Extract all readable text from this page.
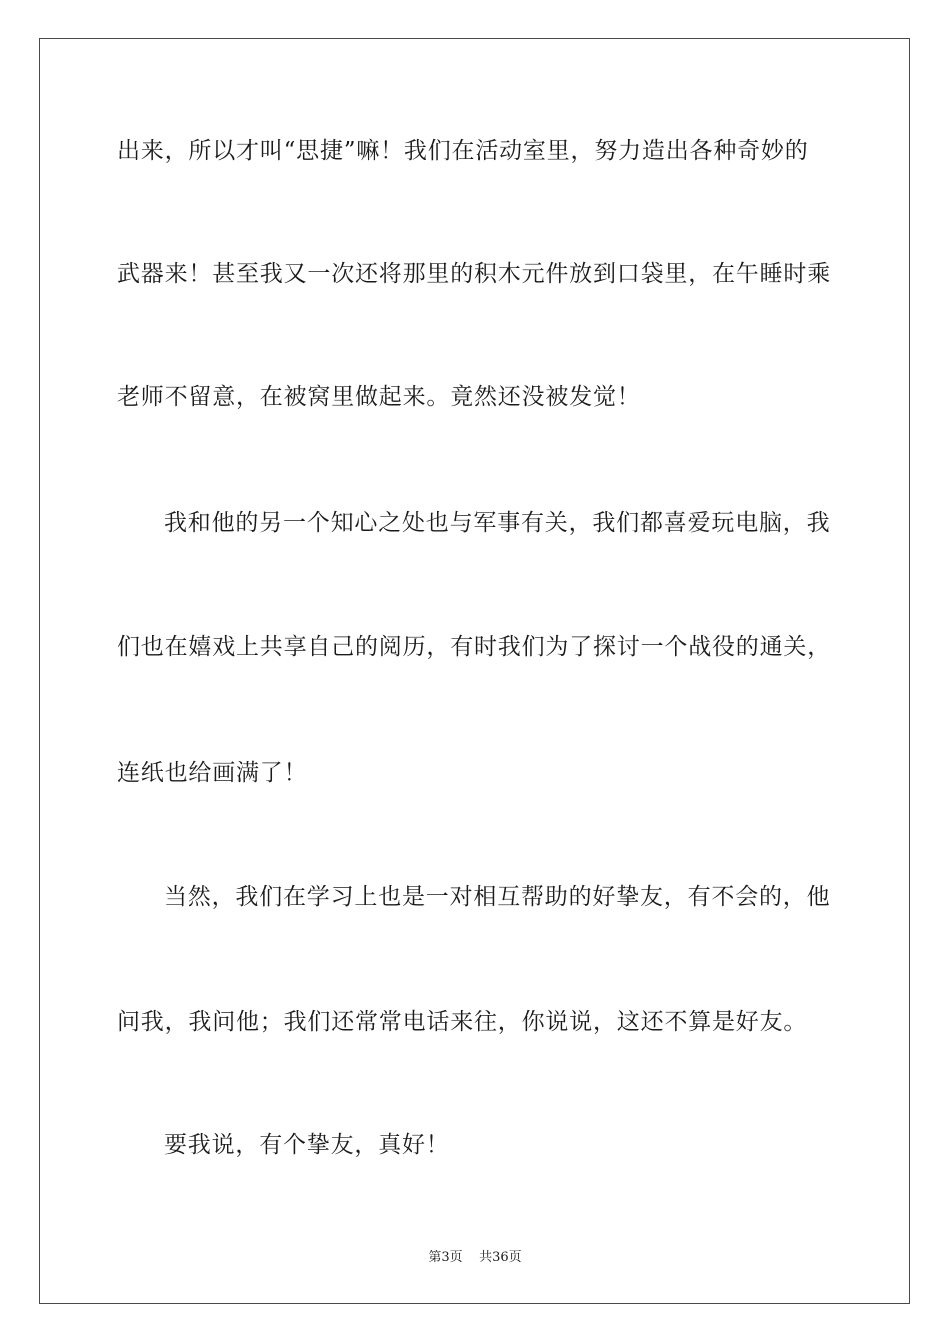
出来，所以才叫“思捷”嘛！我们在活动室里，努力造出各种奇妙的
武器来！甚至我又一次还将那里的积木元件放到口袋里，在午睡时乘
老师不留意，在被窝里做起来。竟然还没被发觉！
我和他的另一个知心之处也与军事有关，我们都喜爱玩电脑，我
们也在嬉戏上共享自己的阅历，有时我们为了探讨一个战役的通关，
连纸也给画满了！
当然，我们在学习上也是一对相互帮助的好挚友，有不会的，他
问我，我问他；我们还常常电话来往，你说说，这还不算是好友。
要我说，有个挚友，真好！
第3页    共36页
